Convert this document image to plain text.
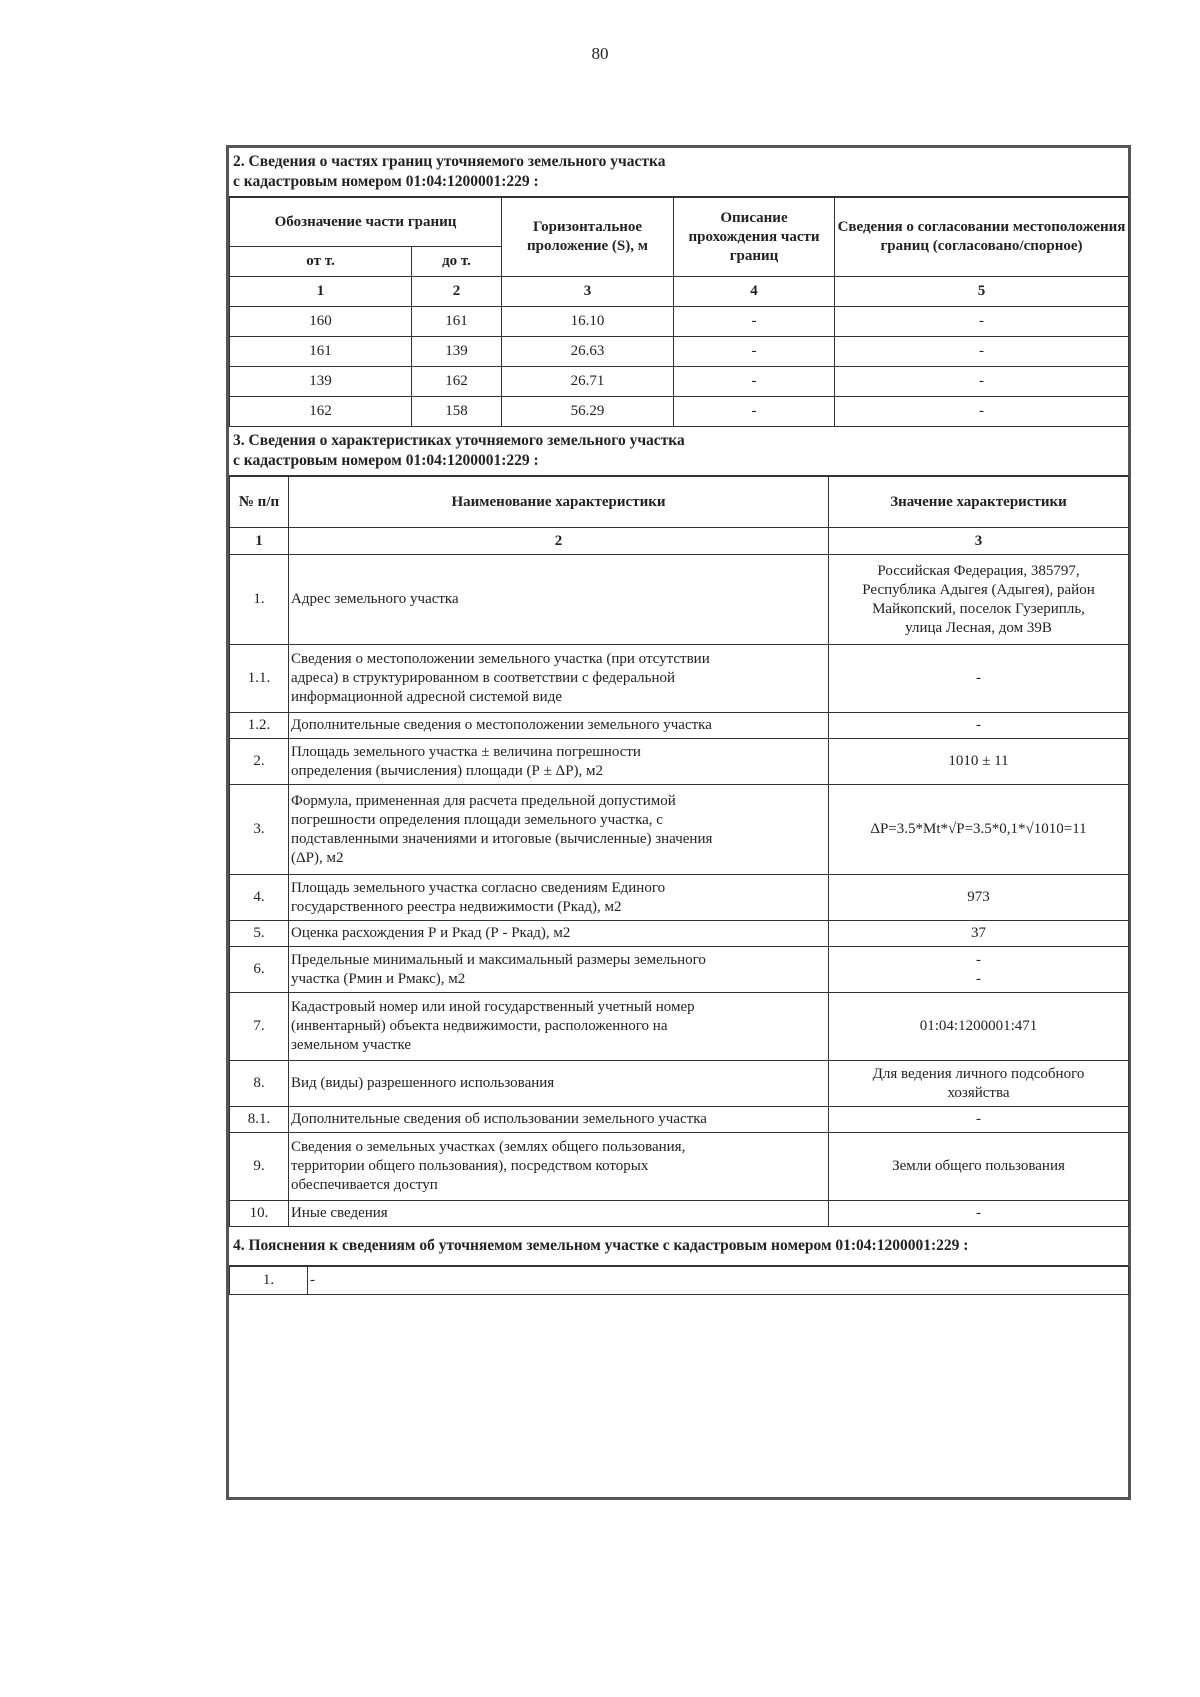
80
2. Сведения о частях границ уточняемого земельного участка
с кадастровым номером 01:04:1200001:229 :
Обозначение части границ		Горизонтальное проложение (S), м	Описание прохождения части границ	Сведения о согласовании местоположения границ (согласовано/спорное)
от т.	до т.			
1	2	3	4	5
160	161	16.10	-	-
161	139	26.63	-	-
139	162	26.71	-	-
162	158	56.29	-	-
3. Сведения о характеристиках уточняемого земельного участка
с кадастровым номером 01:04:1200001:229 :
№ п/п	Наименование характеристики	Значение характеристики
1	2	3
1.	Адрес земельного участка	Российская Федерация, 385797,
Республика Адыгея (Адыгея), район
Майкопский, поселок Гузерипль,
улица Лесная, дом 39В
1.1.	Сведения о местоположении земельного участка (при отсутствии
адреса) в структурированном в соответствии с федеральной
информационной адресной системой виде	-
1.2.	Дополнительные сведения о местоположении земельного участка	-
2.	Площадь земельного участка ± величина погрешности
определения (вычисления) площади (Р ± ΔР), м2	1010 ± 11
3.	Формула, примененная для расчета предельной допустимой
погрешности определения площади земельного участка, с
подставленными значениями и итоговые (вычисленные) значения
(ΔР), м2	ΔР=3.5*Mt*√Р=3.5*0,1*√1010=11
4.	Площадь земельного участка согласно сведениям Единого
государственного реестра недвижимости (Ркад), м2	973
5.	Оценка расхождения Р и Ркад (Р - Ркад), м2	37
6.	Предельные минимальный и максимальный размеры земельного
участка (Рмин и Рмакс), м2	-
-
7.	Кадастровый номер или иной государственный учетный номер
(инвентарный) объекта недвижимости, расположенного на
земельном участке	01:04:1200001:471
8.	Вид (виды) разрешенного использования	Для ведения личного подсобного
хозяйства
8.1.	Дополнительные сведения об использовании земельного участка	-
9.	Сведения о земельных участках (землях общего пользования,
территории общего пользования), посредством которых
обеспечивается доступ	Земли общего пользования
10.	Иные сведения	-
4. Пояснения к сведениям об уточняемом земельном участке с кадастровым номером 01:04:1200001:229 :
1.	-
